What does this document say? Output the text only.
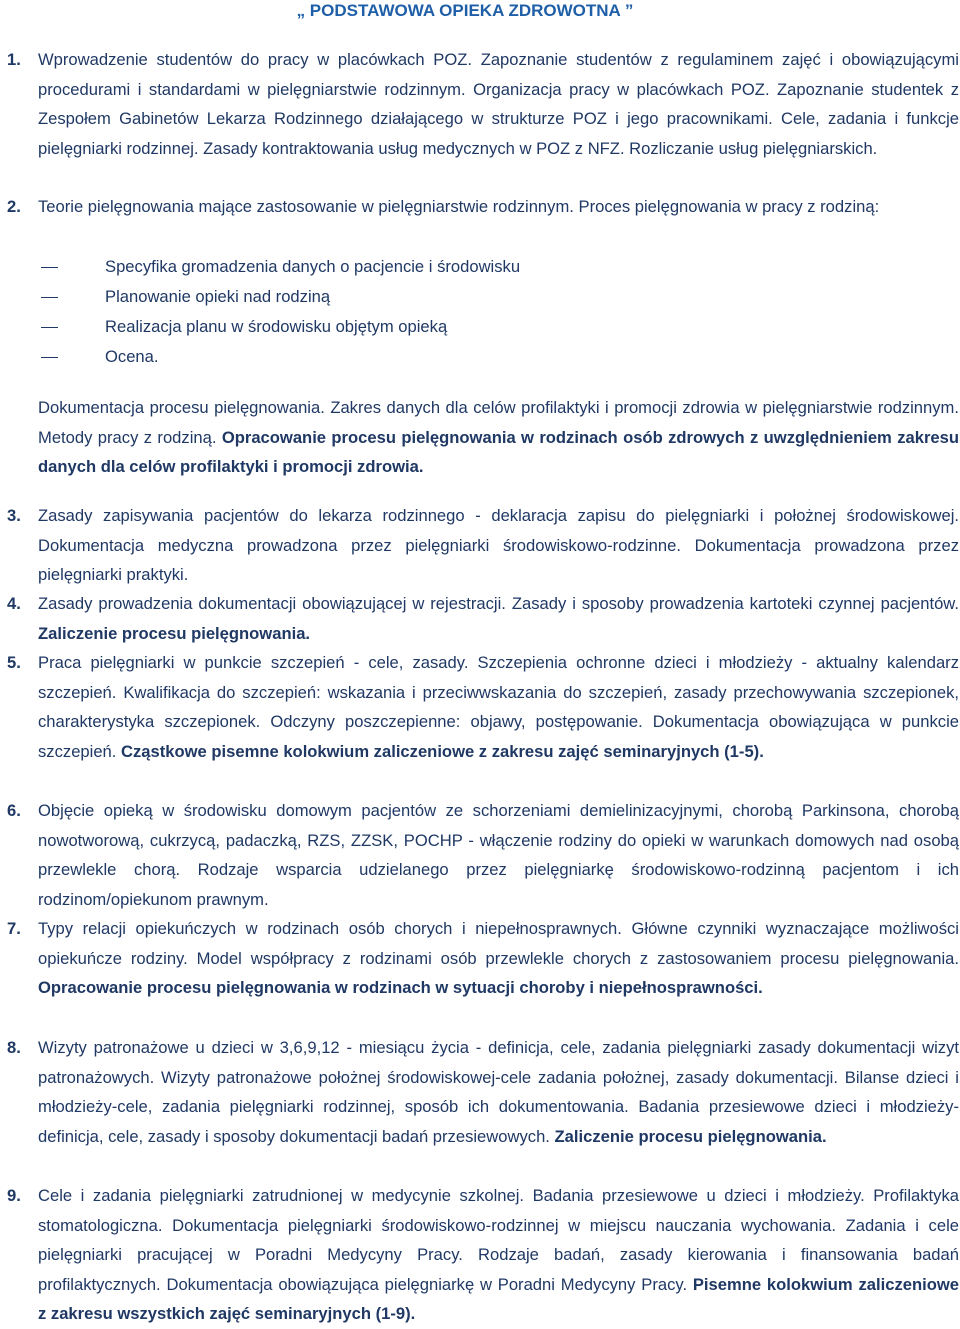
„ PODSTAWOWA OPIEKA ZDROWOTNA ”
1. Wprowadzenie studentów do pracy w placówkach POZ. Zapoznanie studentów z regulaminem zajęć i obowiązującymi procedurami i standardami w pielęgniarstwie rodzinnym. Organizacja pracy w placówkach POZ. Zapoznanie studentek z Zespołem Gabinetów Lekarza Rodzinnego działającego w strukturze POZ i jego pracownikami. Cele, zadania i funkcje pielęgniarki rodzinnej. Zasady kontraktowania usług medycznych w POZ z NFZ. Rozliczanie usług pielęgniarskich.
2. Teorie pielęgnowania mające zastosowanie w pielęgniarstwie rodzinnym. Proces pielęgnowania w pracy z rodziną:
Specyfika gromadzenia danych o pacjencie i środowisku
Planowanie opieki nad rodziną
Realizacja planu w środowisku objętym opieką
Ocena.
Dokumentacja procesu pielęgnowania. Zakres danych dla celów profilaktyki i promocji zdrowia w pielęgniarstwie rodzinnym. Metody pracy z rodziną. Opracowanie procesu pielęgnowania w rodzinach osób zdrowych z uwzględnieniem zakresu danych dla celów profilaktyki i promocji zdrowia.
3. Zasady zapisywania pacjentów do lekarza rodzinnego - deklaracja zapisu do pielęgniarki i położnej środowiskowej. Dokumentacja medyczna prowadzona przez pielęgniarki środowiskowo-rodzinne. Dokumentacja prowadzona przez pielęgniarki praktyki.
4. Zasady prowadzenia dokumentacji obowiązującej w rejestracji. Zasady i sposoby prowadzenia kartoteki czynnej pacjentów. Zaliczenie procesu pielęgnowania.
5. Praca pielęgniarki w punkcie szczepień - cele, zasady. Szczepienia ochronne dzieci i młodzieży - aktualny kalendarz szczepień. Kwalifikacja do szczepień: wskazania i przeciwwskazania do szczepień, zasady przechowywania szczepionek, charakterystyka szczepionek. Odczyny poszczepienne: objawy, postępowanie. Dokumentacja obowiązująca w punkcie szczepień. Cząstkowe pisemne kolokwium zaliczeniowe z zakresu zajęć seminaryjnych (1-5).
6. Objęcie opieką w środowisku domowym pacjentów ze schorzeniami demielinizacyjnymi, chorobą Parkinsona, chorobą nowotworową, cukrzycą, padaczką, RZS, ZZSK, POCHP - włączenie rodziny do opieki w warunkach domowych nad osobą przewlekle chorą. Rodzaje wsparcia udzielanego przez pielęgniarkę środowiskowo-rodzinną pacjentom i ich rodzinom/opiekunom prawnym.
7. Typy relacji opiekuńczych w rodzinach osób chorych i niepełnosprawnych. Główne czynniki wyznaczające możliwości opiekuńcze rodziny. Model współpracy z rodzinami osób przewlekle chorych z zastosowaniem procesu pielęgnowania. Opracowanie procesu pielęgnowania w rodzinach w sytuacji choroby i niepełnosprawności.
8. Wizyty patronażowe u dzieci w 3,6,9,12 - miesiącu życia - definicja, cele, zadania pielęgniarki zasady dokumentacji wizyt patronażowych. Wizyty patronażowe położnej środowiskowej-cele zadania położnej, zasady dokumentacji. Bilanse dzieci i młodzieży-cele, zadania pielęgniarki rodzinnej, sposób ich dokumentowania. Badania przesiewowe dzieci i młodzieży-definicja, cele, zasady i sposoby dokumentacji badań przesiewowych. Zaliczenie procesu pielęgnowania.
9. Cele i zadania pielęgniarki zatrudnionej w medycynie szkolnej. Badania przesiewowe u dzieci i młodzieży. Profilaktyka stomatologiczna. Dokumentacja pielęgniarki środowiskowo-rodzinnej w miejscu nauczania wychowania. Zadania i cele pielęgniarki pracującej w Poradni Medycyny Pracy. Rodzaje badań, zasady kierowania i finansowania badań profilaktycznych. Dokumentacja obowiązująca pielęgniarkę w Poradni Medycyny Pracy. Pisemne kolokwium zaliczeniowe z zakresu wszystkich zajęć seminaryjnych (1-9).
